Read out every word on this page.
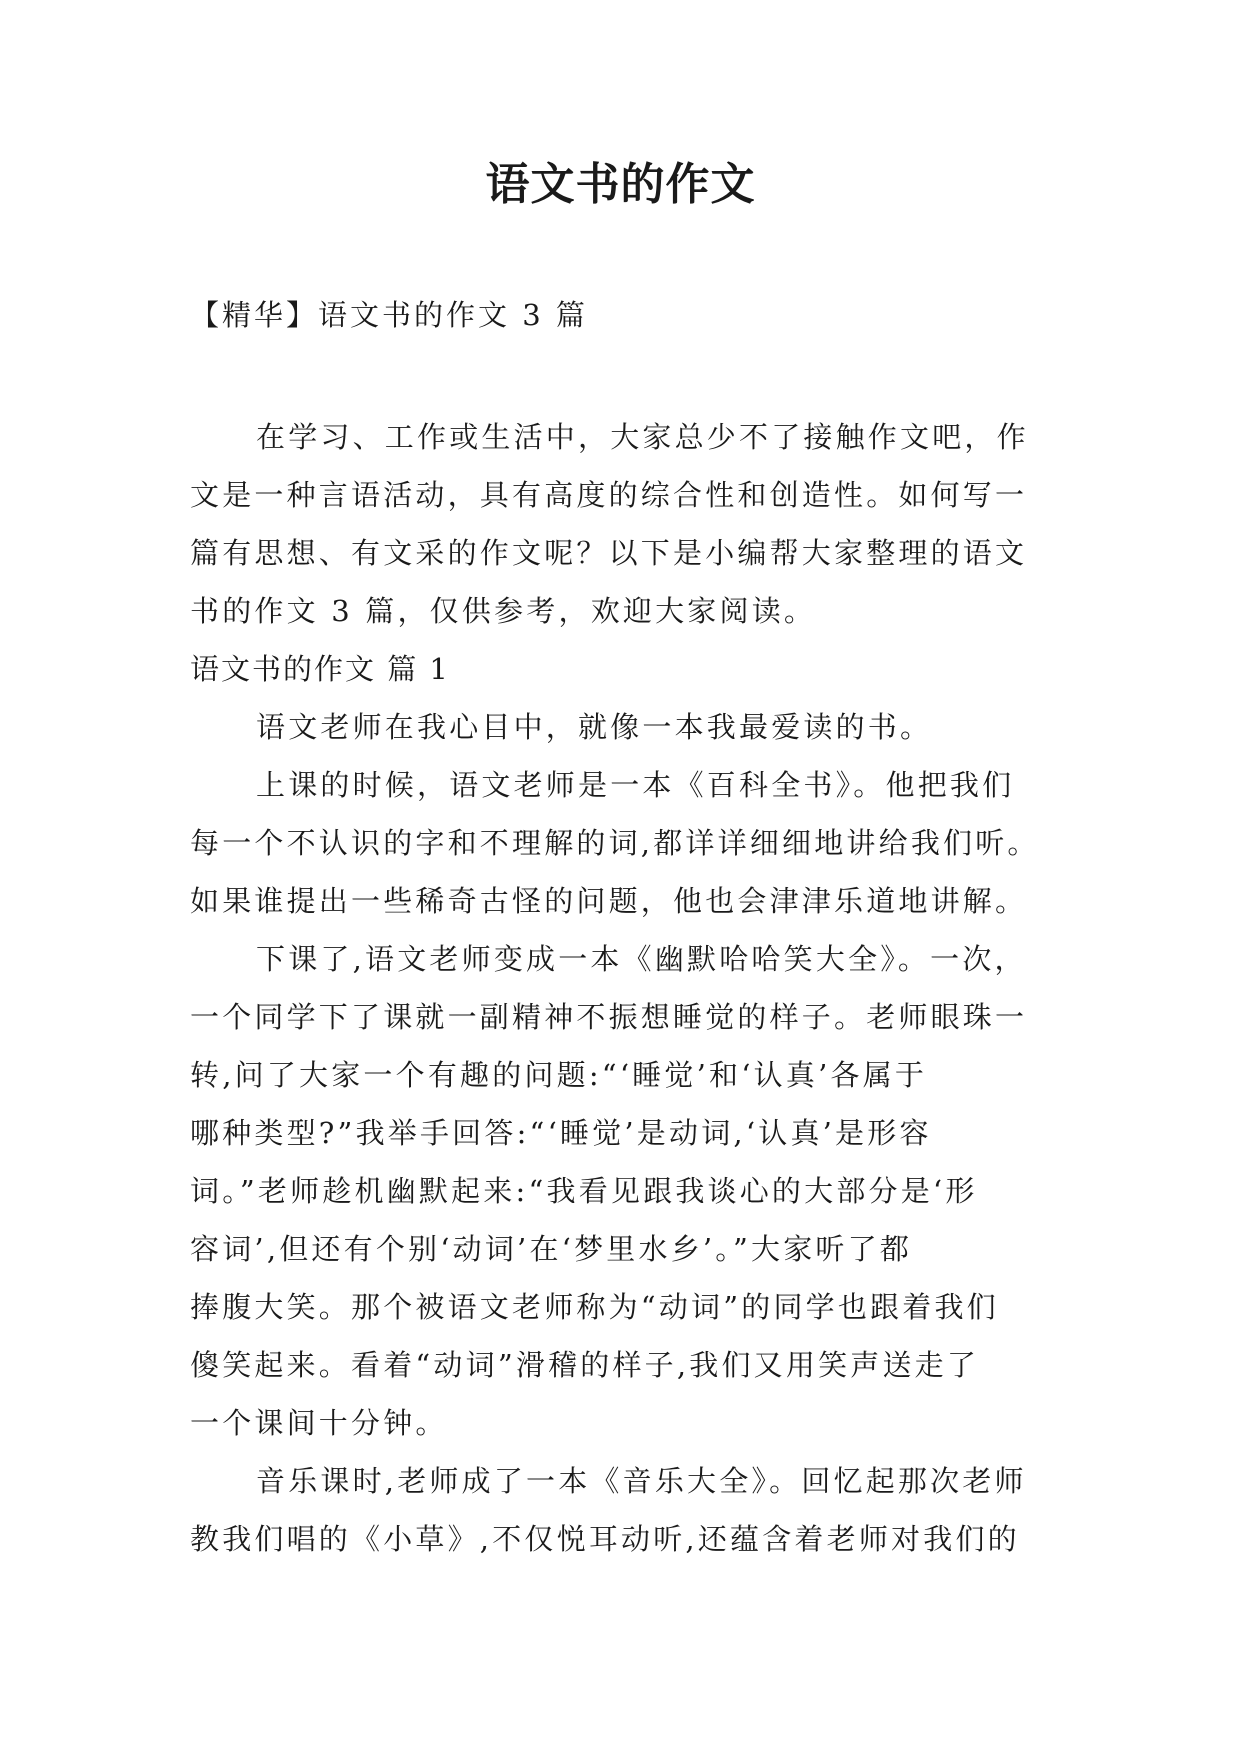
语文书的作文
【精华】语文书的作文 3 篇
在学习、工作或生活中，大家总少不了接触作文吧，作
文是一种言语活动，具有高度的综合性和创造性。如何写一
篇有思想、有文采的作文呢？以下是小编帮大家整理的语文
书的作文 3 篇，仅供参考，欢迎大家阅读。
语文书的作文 篇 1
语文老师在我心目中，就像一本我最爱读的书。
上课的时候，语文老师是一本《百科全书》。他把我们
每一个不认识的字和不理解的词,都详详细细地讲给我们听。
如果谁提出一些稀奇古怪的问题，他也会津津乐道地讲解。
下课了,语文老师变成一本《幽默哈哈笑大全》。一次，
一个同学下了课就一副精神不振想睡觉的样子。老师眼珠一
转,问了大家一个有趣的问题:“‘睡觉’和‘认真’各属于
哪种类型?”我举手回答:“‘睡觉’是动词,‘认真’是形容
词。”老师趁机幽默起来:“我看见跟我谈心的大部分是‘形
容词’,但还有个别‘动词’在‘梦里水乡’。”大家听了都
捧腹大笑。那个被语文老师称为“动词”的同学也跟着我们
傻笑起来。看着“动词”滑稽的样子,我们又用笑声送走了
一个课间十分钟。
音乐课时,老师成了一本《音乐大全》。回忆起那次老师
教我们唱的《小草》,不仅悦耳动听,还蕴含着老师对我们的
